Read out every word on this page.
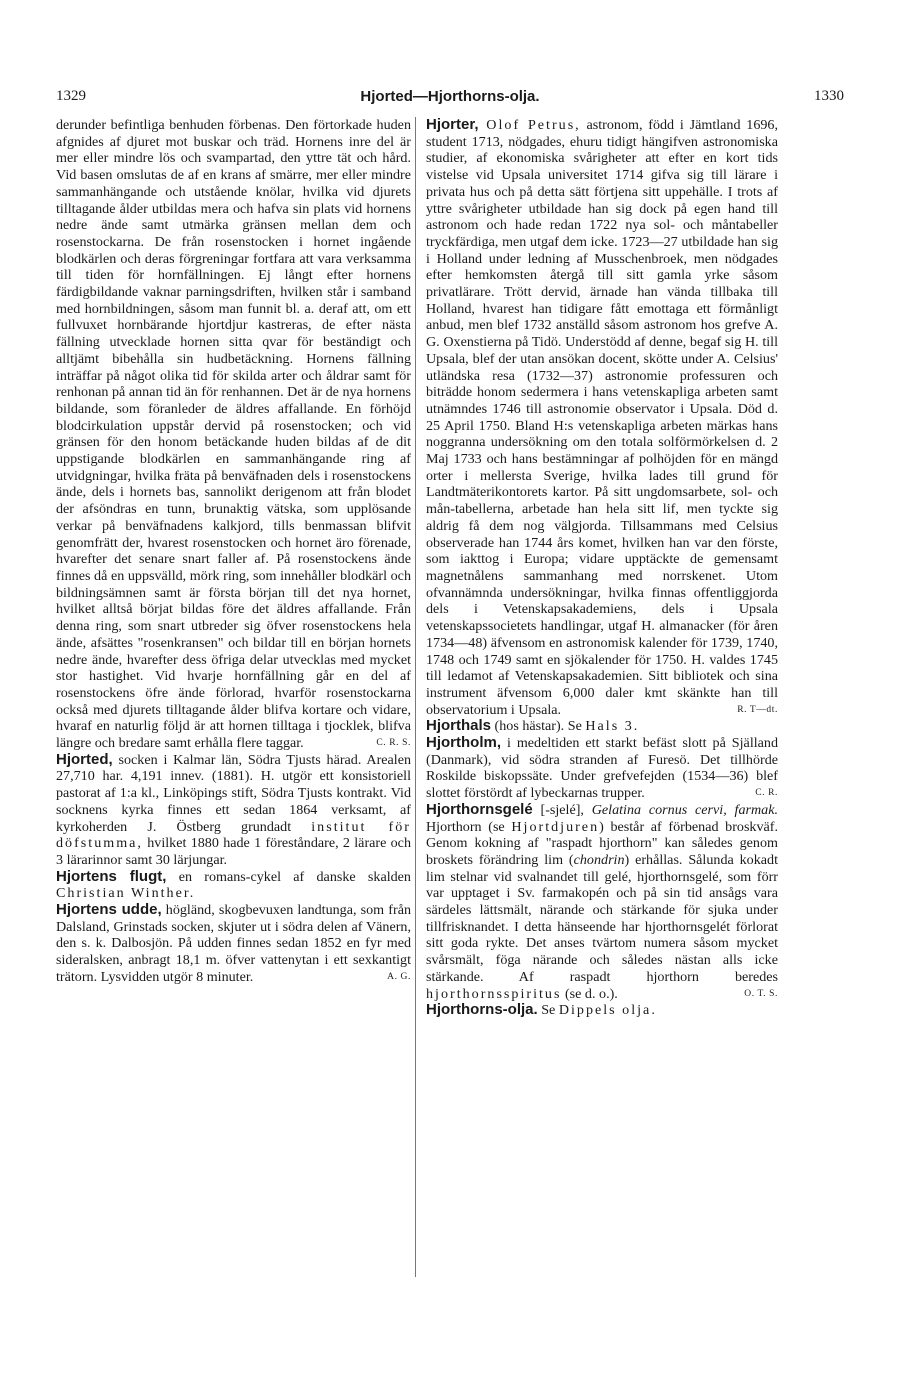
1329	Hjorted—Hjorthorns-olja.	1330

derunder befintliga benhuden förbenas. Den förtorkade huden afgnides af djuret mot buskar och träd. Hornens inre del är mer eller mindre lös och svampartad, den yttre tät och hård. Vid basen omslutas de af en krans af smärre, mer eller mindre sammanhängande och utstående knölar, hvilka vid djurets tilltagande ålder utbildas mera och hafva sin plats vid hornens nedre ände samt utmärka gränsen mellan dem och rosenstockarna. De från rosenstocken i hornet ingående blodkärlen och deras förgreningar fortfara att vara verksamma till tiden för hornfällningen. Ej långt efter hornens färdigbildande vaknar parningsdriften, hvilken står i samband med hornbildningen, såsom man funnit bl. a. deraf att, om ett fullvuxet hornbärande hjortdjur kastreras, de efter nästa fällning utvecklade hornen sitta qvar för beständigt och alltjämt bibehålla sin hudbetäckning. Hornens fällning inträffar på något olika tid för skilda arter och åldrar samt för renhonan på annan tid än för renhannen. Det är de nya hornens bildande, som föranleder de äldres affallande. En förhöjd blodcirkulation uppstår dervid på rosenstocken; och vid gränsen för den honom betäckande huden bildas af de dit uppstigande blodkärlen en sammanhängande ring af utvidgningar, hvilka fräta på benväfnaden dels i rosenstockens ände, dels i hornets bas, sannolikt derigenom att från blodet der afsöndras en tunn, brunaktig vätska, som upplösande verkar på benväfnadens kalkjord, tills benmassan blifvit genomfrätt der, hvarest rosenstocken och hornet äro förenade, hvarefter det senare snart faller af. På rosenstockens ände finnes då en uppsvälld, mörk ring, som innehåller blodkärl och bildningsämnen samt är första början till det nya hornet, hvilket alltså börjat bildas före det äldres affallande. Från denna ring, som snart utbreder sig öfver rosenstockens hela ände, afsättes "rosenkransen" och bildar till en början hornets nedre ände, hvarefter dess öfriga delar utvecklas med mycket stor hastighet. Vid hvarje hornfällning går en del af rosenstockens öfre ände förlorad, hvarför rosenstockarna också med djurets tilltagande ålder blifva kortare och vidare, hvaraf en naturlig följd är att hornen tilltaga i tjocklek, blifva längre och bredare samt erhålla flere taggar.	C. R. S.

Hjorted, socken i Kalmar län, Södra Tjusts härad. Arealen 27,710 har. 4,191 innev. (1881). H. utgör ett konsistoriell pastorat af 1:a kl., Linköpings stift, Södra Tjusts kontrakt. Vid socknens kyrka finnes ett sedan 1864 verksamt, af kyrkoherden J. Östberg grundadt institut för döfstumma, hvilket 1880 hade 1 föreståndare, 2 lärare och 3 lärarinnor samt 30 lärjungar.

Hjortens flugt, en romans-cykel af danske skalden Christian Winther.

Hjortens udde, högländ, skogbevuxen landtunga, som från Dalsland, Grinstads socken, skjuter ut i södra delen af Vänern, den s. k. Dalbosjön. På udden finnes sedan 1852 en fyr med sideralsken, anbragt 18,1 m. öfver vattenytan i ett sexkantigt trätorn. Lysvidden utgör 8 minuter.	A. G.

Hjorter, Olof Petrus, astronom, född i Jämtland 1696, student 1713, nödgades, ehuru tidigt hängifven astronomiska studier, af ekonomiska svårigheter att efter en kort tids vistelse vid Upsala universitet 1714 gifva sig till lärare i privata hus och på detta sätt förtjena sitt uppehälle. I trots af yttre svårigheter utbildade han sig dock på egen hand till astronom och hade redan 1722 nya sol- och måntabeller tryckfärdiga, men utgaf dem icke. 1723—27 utbildade han sig i Holland under ledning af Musschenbroek, men nödgades efter hemkomsten återgå till sitt gamla yrke såsom privatlärare. Trött dervid, ärnade han vända tillbaka till Holland, hvarest han tidigare fått emottaga ett förmånligt anbud, men blef 1732 anställd såsom astronom hos grefve A. G. Oxenstierna på Tidö. Understödd af denne, begaf sig H. till Upsala, blef der utan ansökan docent, skötte under A. Celsius' utländska resa (1732—37) astronomie professuren och biträdde honom sedermera i hans vetenskapliga arbeten samt utnämndes 1746 till astronomie observator i Upsala. Död d. 25 April 1750. Bland H:s vetenskapliga arbeten märkas hans noggranna undersökning om den totala solförmörkelsen d. 2 Maj 1733 och hans bestämningar af polhöjden för en mängd orter i mellersta Sverige, hvilka lades till grund för Landtmäterikontorets kartor. På sitt ungdomsarbete, sol- och mån-tabellerna, arbetade han hela sitt lif, men tyckte sig aldrig få dem nog välgjorda. Tillsammans med Celsius observerade han 1744 års komet, hvilken han var den förste, som iakttog i Europa; vidare upptäckte de gemensamt magnetnålens sammanhang med norrskenet. Utom ofvannämnda undersökningar, hvilka finnas offentliggjorda dels i Vetenskapsakademiens, dels i Upsala vetenskapssocietets handlingar, utgaf H. almanacker (för åren 1734—48) äfvensom en astronomisk kalender för 1739, 1740, 1748 och 1749 samt en sjökalender för 1750. H. valdes 1745 till ledamot af Vetenskapsakademien. Sitt bibliotek och sina instrument äfvensom 6,000 daler kmt skänkte han till observatorium i Upsala.	R. T—dt.

Hjorthals (hos hästar). Se Hals 3.

Hjortholm, i medeltiden ett starkt befäst slott på Själland (Danmark), vid södra stranden af Furesö. Det tillhörde Roskilde biskopssäte. Under grefvefejden (1534—36) blef slottet förstördt af lybeckarnas trupper.	C. R.

Hjorthornsgelé [-sjelé], Gelatina cornus cervi, farmak. Hjorthorn (se Hjortdjuren) består af förbenad broskväf. Genom kokning af "raspadt hjorthorn" kan således genom broskets förändring lim (chondrin) erhållas. Sålunda kokadt lim stelnar vid svalnandet till gelé, hjorthornsgelé, som förr var upptaget i Sv. farmakopén och på sin tid ansågs vara särdeles lättsmält, närande och stärkande för sjuka under tillfrisknandet. I detta hänseende har hjorthornsgelét förlorat sitt goda rykte. Det anses tvärtom numera såsom mycket svårsmält, föga närande och således nästan alls icke stärkande. Af raspadt hjorthorn beredes hjorthornsspiritus (se d. o.).	O. T. S.

Hjorthorns-olja. Se Dippels olja.
